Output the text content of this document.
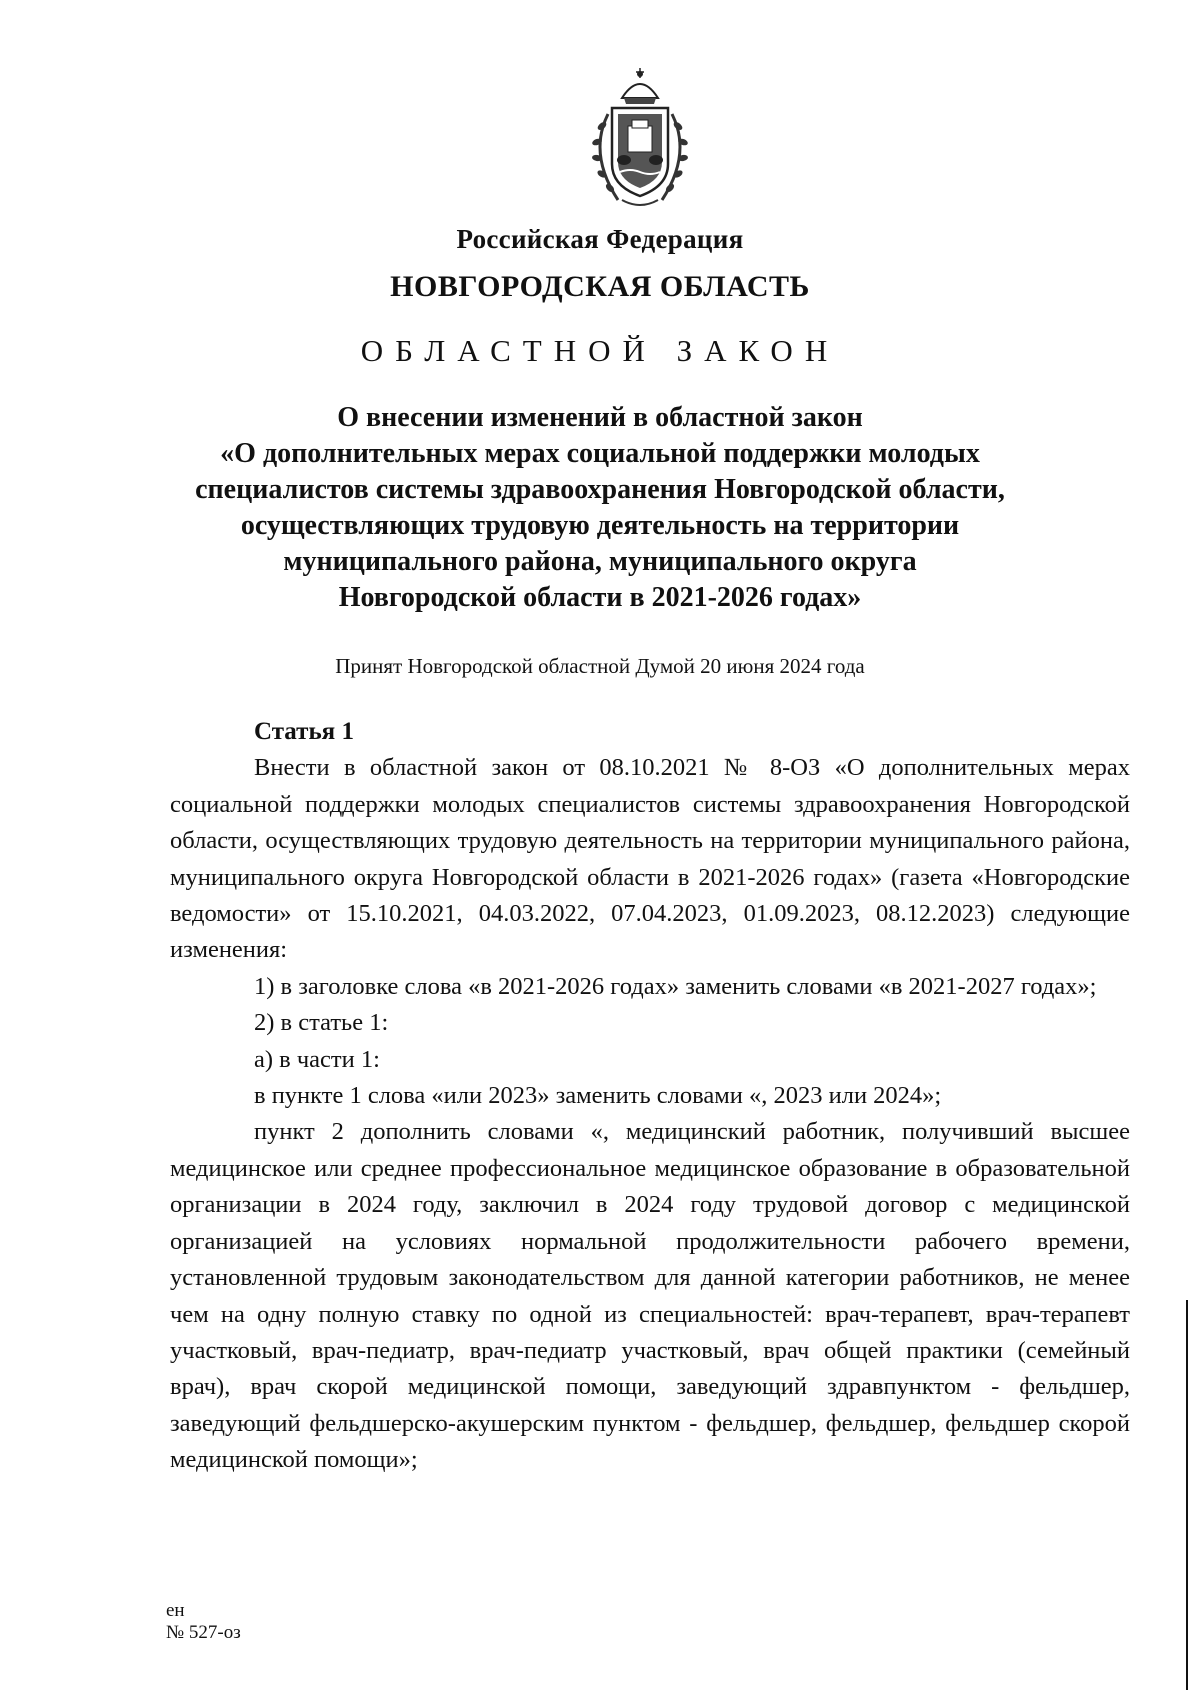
Российская Федерация
НОВГОРОДСКАЯ ОБЛАСТЬ
ОБЛАСТНОЙ ЗАКОН
О внесении изменений в областной закон
«О дополнительных мерах социальной поддержки молодых
специалистов системы здравоохранения Новгородской области,
осуществляющих трудовую деятельность на территории
муниципального района, муниципального округа
Новгородской области в 2021-2026 годах»
Принят Новгородской областной Думой 20 июня 2024 года
Статья 1

Внести в областной закон от 08.10.2021 № 8-ОЗ «О дополнительных мерах социальной поддержки молодых специалистов системы здравоохранения Новгородской области, осуществляющих трудовую деятельность на территории муниципального района, муниципального округа Новгородской области в 2021-2026 годах» (газета «Новгородские ведомости» от 15.10.2021, 04.03.2022, 07.04.2023, 01.09.2023, 08.12.2023) следующие изменения:

1) в заголовке слова «в 2021-2026 годах» заменить словами «в 2021-2027 годах»;

2) в статье 1:

а) в части 1:

в пункте 1 слова «или 2023» заменить словами «, 2023 или 2024»;

пункт 2 дополнить словами «, медицинский работник, получивший высшее медицинское или среднее профессиональное медицинское образование в образовательной организации в 2024 году, заключил в 2024 году трудовой договор с медицинской организацией на условиях нормальной продолжительности рабочего времени, установленной трудовым законодательством для данной категории работников, не менее чем на одну полную ставку по одной из специальностей: врач-терапевт, врач-терапевт участковый, врач-педиатр, врач-педиатр участковый, врач общей практики (семейный врач), врач скорой медицинской помощи, заведующий здравпунктом - фельдшер, заведующий фельдшерско-акушерским пунктом - фельдшер, фельдшер, фельдшер скорой медицинской помощи»;

ен
№ 527-оз
